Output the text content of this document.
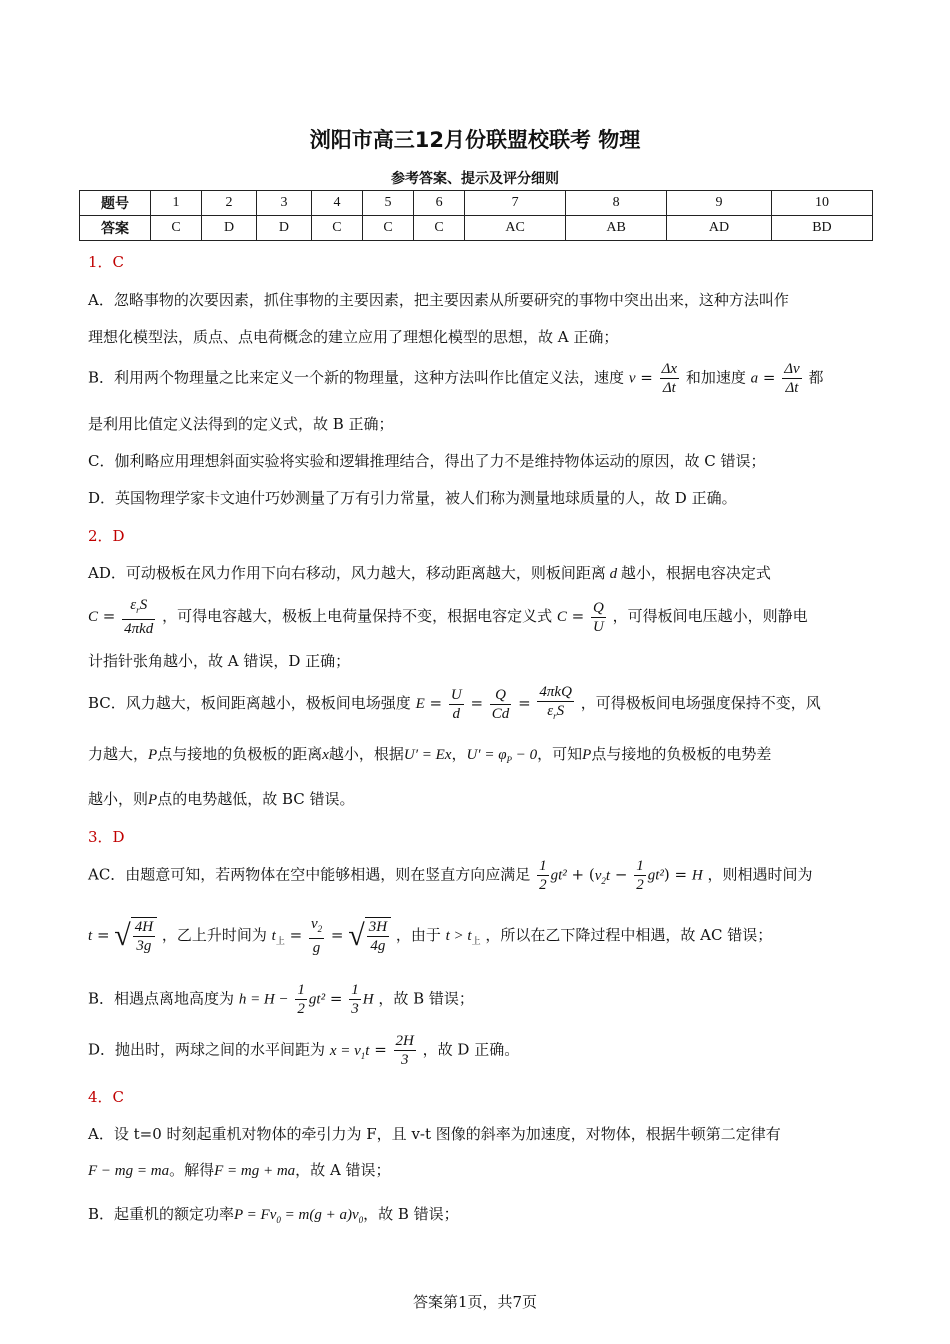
浏阳市高三12月份联盟校联考 物理
参考答案、提示及评分细则
题号	1	2	3	4	5	6	7	8	9	10
答案	C	D	D	C	C	C	AC	AB	AD	BD
1．C
A．忽略事物的次要因素，抓住事物的主要因素，把主要因素从所要研究的事物中突出出来，这种方法叫作
理想化模型法，质点、点电荷概念的建立应用了理想化模型的思想，故 A 正确；
B．利用两个物理量之比来定义一个新的物理量，这种方法叫作比值定义法，速度 $v = \frac{\Delta x}{\Delta t}$ 和加速度 $a = \frac{\Delta v}{\Delta t}$ 都
是利用比值定义法得到的定义式，故 B 正确；
C．伽利略应用理想斜面实验将实验和逻辑推理结合，得出了力不是维持物体运动的原因，故 C 错误；
D．英国物理学家卡文迪什巧妙测量了万有引力常量，被人们称为测量地球质量的人，故 D 正确。
2．D
AD．可动极板在风力作用下向右移动，风力越大，移动距离越大，则板间距离 d 越小，根据电容决定式
$C = \frac{\varepsilon_rS}{\text{4πkd}}$ ，可得电容越大，极板上电荷量保持不变，根据电容定义式 $C = \frac{Q}{U}$ ，可得板间电压越小，则静电
计指针张角越小，故 A 错误，D 正确；
BC．风力越大，板间距离越小，极板间电场强度 $E = \frac{U}{d} = \frac{Q}{Cd} = \frac{\text{4πkQ}}{\varepsilon_rS}$ ，可得极板间电场强度保持不变，风
力越大，P点与接地的负极板的距离x越小，根据U′ = Ex，$U' = \varphi_P - 0$，可知P点与接地的负极板的电势差
越小，则P点的电势越低，故 BC 错误。
3．D
AC．由题意可知，若两物体在空中能够相遇，则在竖直方向应满足 $\frac{1}{2} gt^2 + (v_2t - \frac{1}{2} gt^2) = H$ ，则相遇时间为
t = √ $\frac{4H}{3g}$ ，乙上升时间为 $t_上 = \frac{v_2}{g}$ = √ $\frac{3H}{4g}$ ，由于 $t > t_上$ ，所以在乙下降过程中相遇，故 AC 错误；
B．相遇点离地高度为 $h = H - \frac{1}{2} gt^2 = \frac{1}{3}$ H ，故 B 错误；
D．抛出时，两球之间的水平间距为 $x = v_1t = \frac{2H}{3}$ ，故 D 正确。
4．C
A．设 t=0 时刻起重机对物体的牵引力为 F，且 v-t 图像的斜率为加速度，对物体，根据牛顿第二定律有
F − mg = ma。解得F = mg + ma，故 A 错误；
B．起重机的额定功率$P = Fv_0 = m(g + a)v_0$，故 B 错误；
答案第1页，共7页
